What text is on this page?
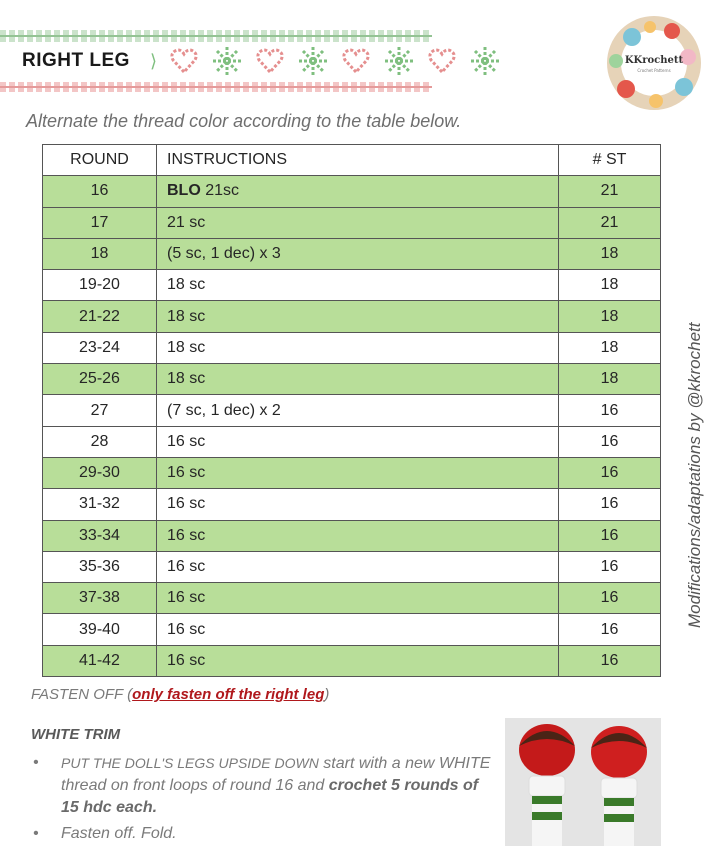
RIGHT LEG ⟩	KKrochett
Crochet Patterns
Alternate the thread color according to the table below.
ROUND	INSTRUCTIONS	# ST
16	BLO 21sc	21
17	21 sc	21
18	(5 sc, 1 dec) x 3	18
19-20	18 sc	18
21-22	18 sc	18
23-24	18 sc	18
25-26	18 sc	18
27	(7 sc, 1 dec) x 2	16
28	16 sc	16
29-30	16 sc	16
31-32	16 sc	16
33-34	16 sc	16
35-36	16 sc	16
37-38	16 sc	16
39-40	16 sc	16
41-42	16 sc	16
Modifications/adaptations by @kkrochett
FASTEN OFF (only fasten off the right leg)
WHITE TRIM
• PUT THE DOLL'S LEGS UPSIDE DOWN start with a new WHITE thread on front loops of round 16 and crochet 5 rounds of 15 hdc each.
• Fasten off. Fold.
